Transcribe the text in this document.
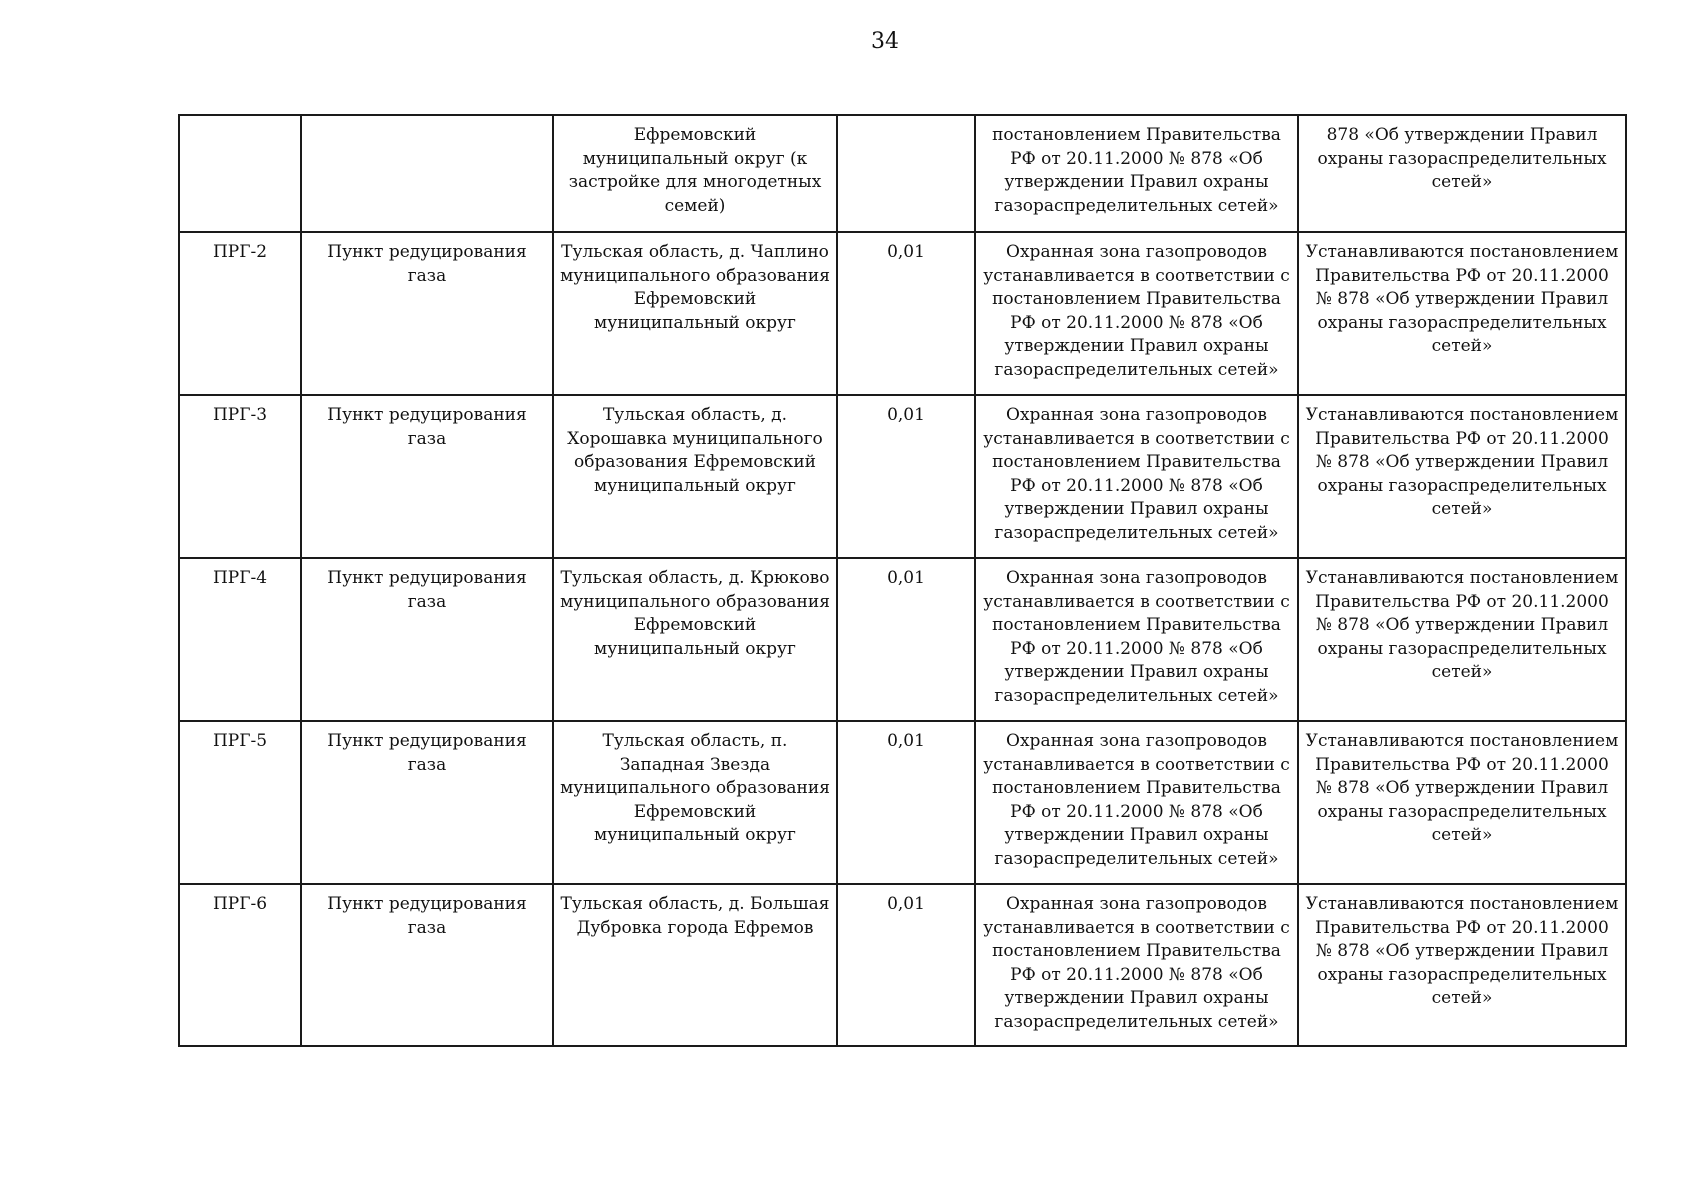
34
		Ефремовский муниципальный округ (к застройке для многодетных семей)		постановлением Правительства РФ от 20.11.2000 № 878 «Об утверждении Правил охраны газораспределительных сетей»	878 «Об утверждении Правил охраны газораспределительных сетей»
ПРГ-2	Пункт редуцирования газа	Тульская область, д. Чаплино муниципального образования Ефремовский муниципальный округ	0,01	Охранная зона газопроводов устанавливается в соответствии с постановлением Правительства РФ от 20.11.2000 № 878 «Об утверждении Правил охраны газораспределительных сетей»	Устанавливаются постановлением Правительства РФ от 20.11.2000 № 878 «Об утверждении Правил охраны газораспределительных сетей»
ПРГ-3	Пункт редуцирования газа	Тульская область, д. Хорошавка муниципального образования Ефремовский муниципальный округ	0,01	Охранная зона газопроводов устанавливается в соответствии с постановлением Правительства РФ от 20.11.2000 № 878 «Об утверждении Правил охраны газораспределительных сетей»	Устанавливаются постановлением Правительства РФ от 20.11.2000 № 878 «Об утверждении Правил охраны газораспределительных сетей»
ПРГ-4	Пункт редуцирования газа	Тульская область, д. Крюково муниципального образования Ефремовский муниципальный округ	0,01	Охранная зона газопроводов устанавливается в соответствии с постановлением Правительства РФ от 20.11.2000 № 878 «Об утверждении Правил охраны газораспределительных сетей»	Устанавливаются постановлением Правительства РФ от 20.11.2000 № 878 «Об утверждении Правил охраны газораспределительных сетей»
ПРГ-5	Пункт редуцирования газа	Тульская область, п. Западная Звезда муниципального образования Ефремовский муниципальный округ	0,01	Охранная зона газопроводов устанавливается в соответствии с постановлением Правительства РФ от 20.11.2000 № 878 «Об утверждении Правил охраны газораспределительных сетей»	Устанавливаются постановлением Правительства РФ от 20.11.2000 № 878 «Об утверждении Правил охраны газораспределительных сетей»
ПРГ-6	Пункт редуцирования газа	Тульская область, д. Большая Дубровка города Ефремов	0,01	Охранная зона газопроводов устанавливается в соответствии с постановлением Правительства РФ от 20.11.2000 № 878 «Об утверждении Правил охраны газораспределительных сетей»	Устанавливаются постановлением Правительства РФ от 20.11.2000 № 878 «Об утверждении Правил охраны газораспределительных сетей»
